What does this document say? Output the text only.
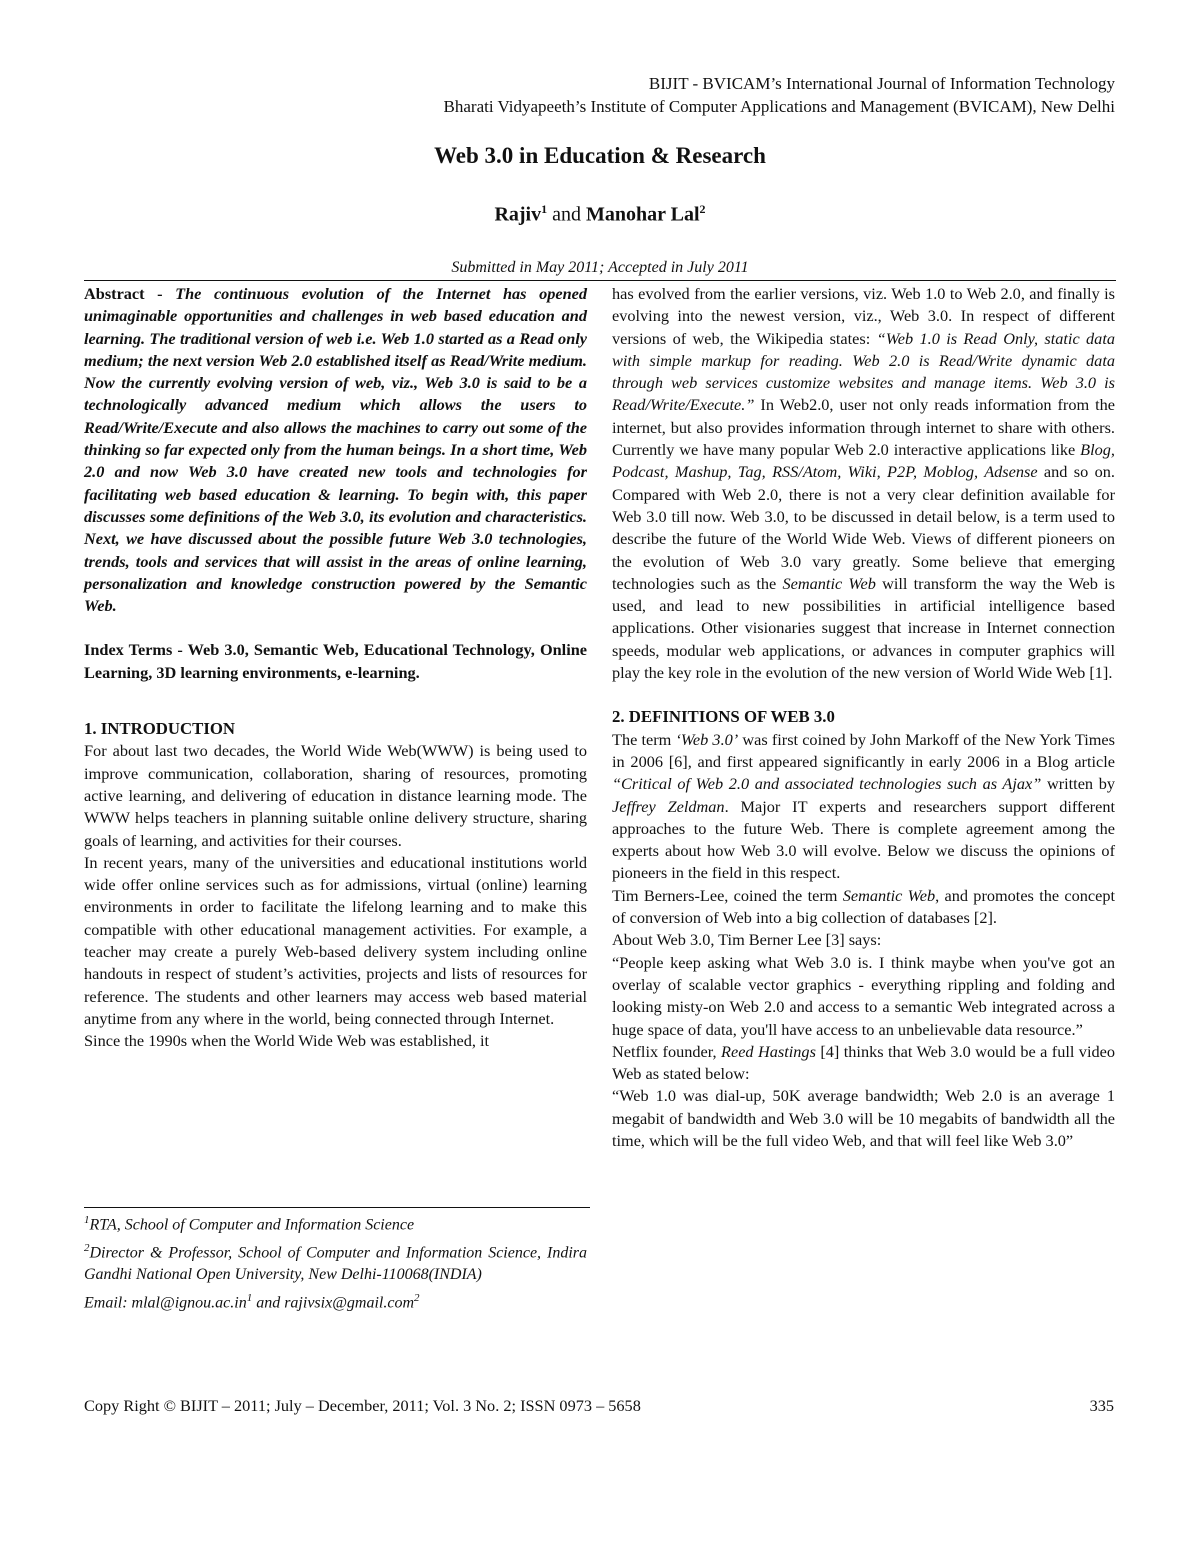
BIJIT - BVICAM’s International Journal of Information Technology
Bharati Vidyapeeth’s Institute of Computer Applications and Management (BVICAM), New Delhi
Web 3.0 in Education & Research
Rajiv$^1$ and Manohar Lal$^2$
Submitted in May 2011; Accepted in July 2011

Abstract - The continuous evolution of the Internet has opened unimaginable opportunities and challenges in web based education and learning. The traditional version of web i.e. Web 1.0 started as a Read only medium; the next version Web 2.0 established itself as Read/Write medium. Now the currently evolving version of web, viz., Web 3.0 is said to be a technologically advanced medium which allows the users to Read/Write/Execute and also allows the machines to carry out some of the thinking so far expected only from the human beings. In a short time, Web 2.0 and now Web 3.0 have created new tools and technologies for facilitating web based education & learning. To begin with, this paper discusses some definitions of the Web 3.0, its evolution and characteristics. Next, we have discussed about the possible future Web 3.0 technologies, trends, tools and services that will assist in the areas of online learning, personalization and knowledge construction powered by the Semantic Web.

Index Terms - Web 3.0, Semantic Web, Educational Technology, Online Learning, 3D learning environments, e-learning.

1. INTRODUCTION

For about last two decades, the World Wide Web(WWW) is being used to improve communication, collaboration, sharing of resources, promoting active learning, and delivering of education in distance learning mode. The WWW helps teachers in planning suitable online delivery structure, sharing goals of learning, and activities for their courses.

In recent years, many of the universities and educational institutions world wide offer online services such as for admissions, virtual (online) learning environments in order to facilitate the lifelong learning and to make this compatible with other educational management activities. For example, a teacher may create a purely Web-based delivery system including online handouts in respect of student’s activities, projects and lists of resources for reference. The students and other learners may access web based material anytime from any where in the world, being connected through Internet.

Since the 1990s when the World Wide Web was established, it

$^1$RTA, School of Computer and Information Science

$^2$Director & Professor, School of Computer and Information Science, Indira Gandhi National Open University, New Delhi-110068(INDIA)

Email: $mlal@ignou.ac.in^1$ and rajivsix@gmail.com$^2$

has evolved from the earlier versions, viz. Web 1.0 to Web 2.0, and finally is evolving into the newest version, viz., Web 3.0. In respect of different versions of web, the Wikipedia states: “Web 1.0 is Read Only, static data with simple markup for reading. Web 2.0 is Read/Write dynamic data through web services customize websites and manage items. Web 3.0 is Read/Write/Execute.” In Web2.0, user not only reads information from the internet, but also provides information through internet to share with others. Currently we have many popular Web 2.0 interactive applications like Blog, Podcast, Mashup, Tag, RSS/Atom, Wiki, P2P, Moblog, Adsense and so on. Compared with Web 2.0, there is not a very clear definition available for Web 3.0 till now. Web 3.0, to be discussed in detail below, is a term used to describe the future of the World Wide Web. Views of different pioneers on the evolution of Web 3.0 vary greatly. Some believe that emerging technologies such as the Semantic Web will transform the way the Web is used, and lead to new possibilities in artificial intelligence based applications. Other visionaries suggest that increase in Internet connection speeds, modular web applications, or advances in computer graphics will play the key role in the evolution of the new version of World Wide Web [1].

2. DEFINITIONS OF WEB 3.0

The term ‘Web 3.0’ was first coined by John Markoff of the New York Times in 2006 [6], and first appeared significantly in early 2006 in a Blog article “Critical of Web 2.0 and associated technologies such as Ajax” written by Jeffrey Zeldman. Major IT experts and researchers support different approaches to the future Web. There is complete agreement among the experts about how Web 3.0 will evolve. Below we discuss the opinions of pioneers in the field in this respect.

Tim Berners-Lee, coined the term Semantic Web, and promotes the concept of conversion of Web into a big collection of databases [2].

About Web 3.0, Tim Berner Lee [3] says:

“People keep asking what Web 3.0 is. I think maybe when you've got an overlay of scalable vector graphics - everything rippling and folding and looking misty-on Web 2.0 and access to a semantic Web integrated across a huge space of data, you'll have access to an unbelievable data resource.”

Netflix founder, Reed Hastings [4] thinks that Web 3.0 would be a full video Web as stated below:

“Web 1.0 was dial-up, 50K average bandwidth; Web 2.0 is an average 1 megabit of bandwidth and Web 3.0 will be 10 megabits of bandwidth all the time, which will be the full video Web, and that will feel like Web 3.0”

Copy Right © BIJIT – 2011; July – December, 2011; Vol. 3 No. 2; ISSN 0973 – 5658	335
